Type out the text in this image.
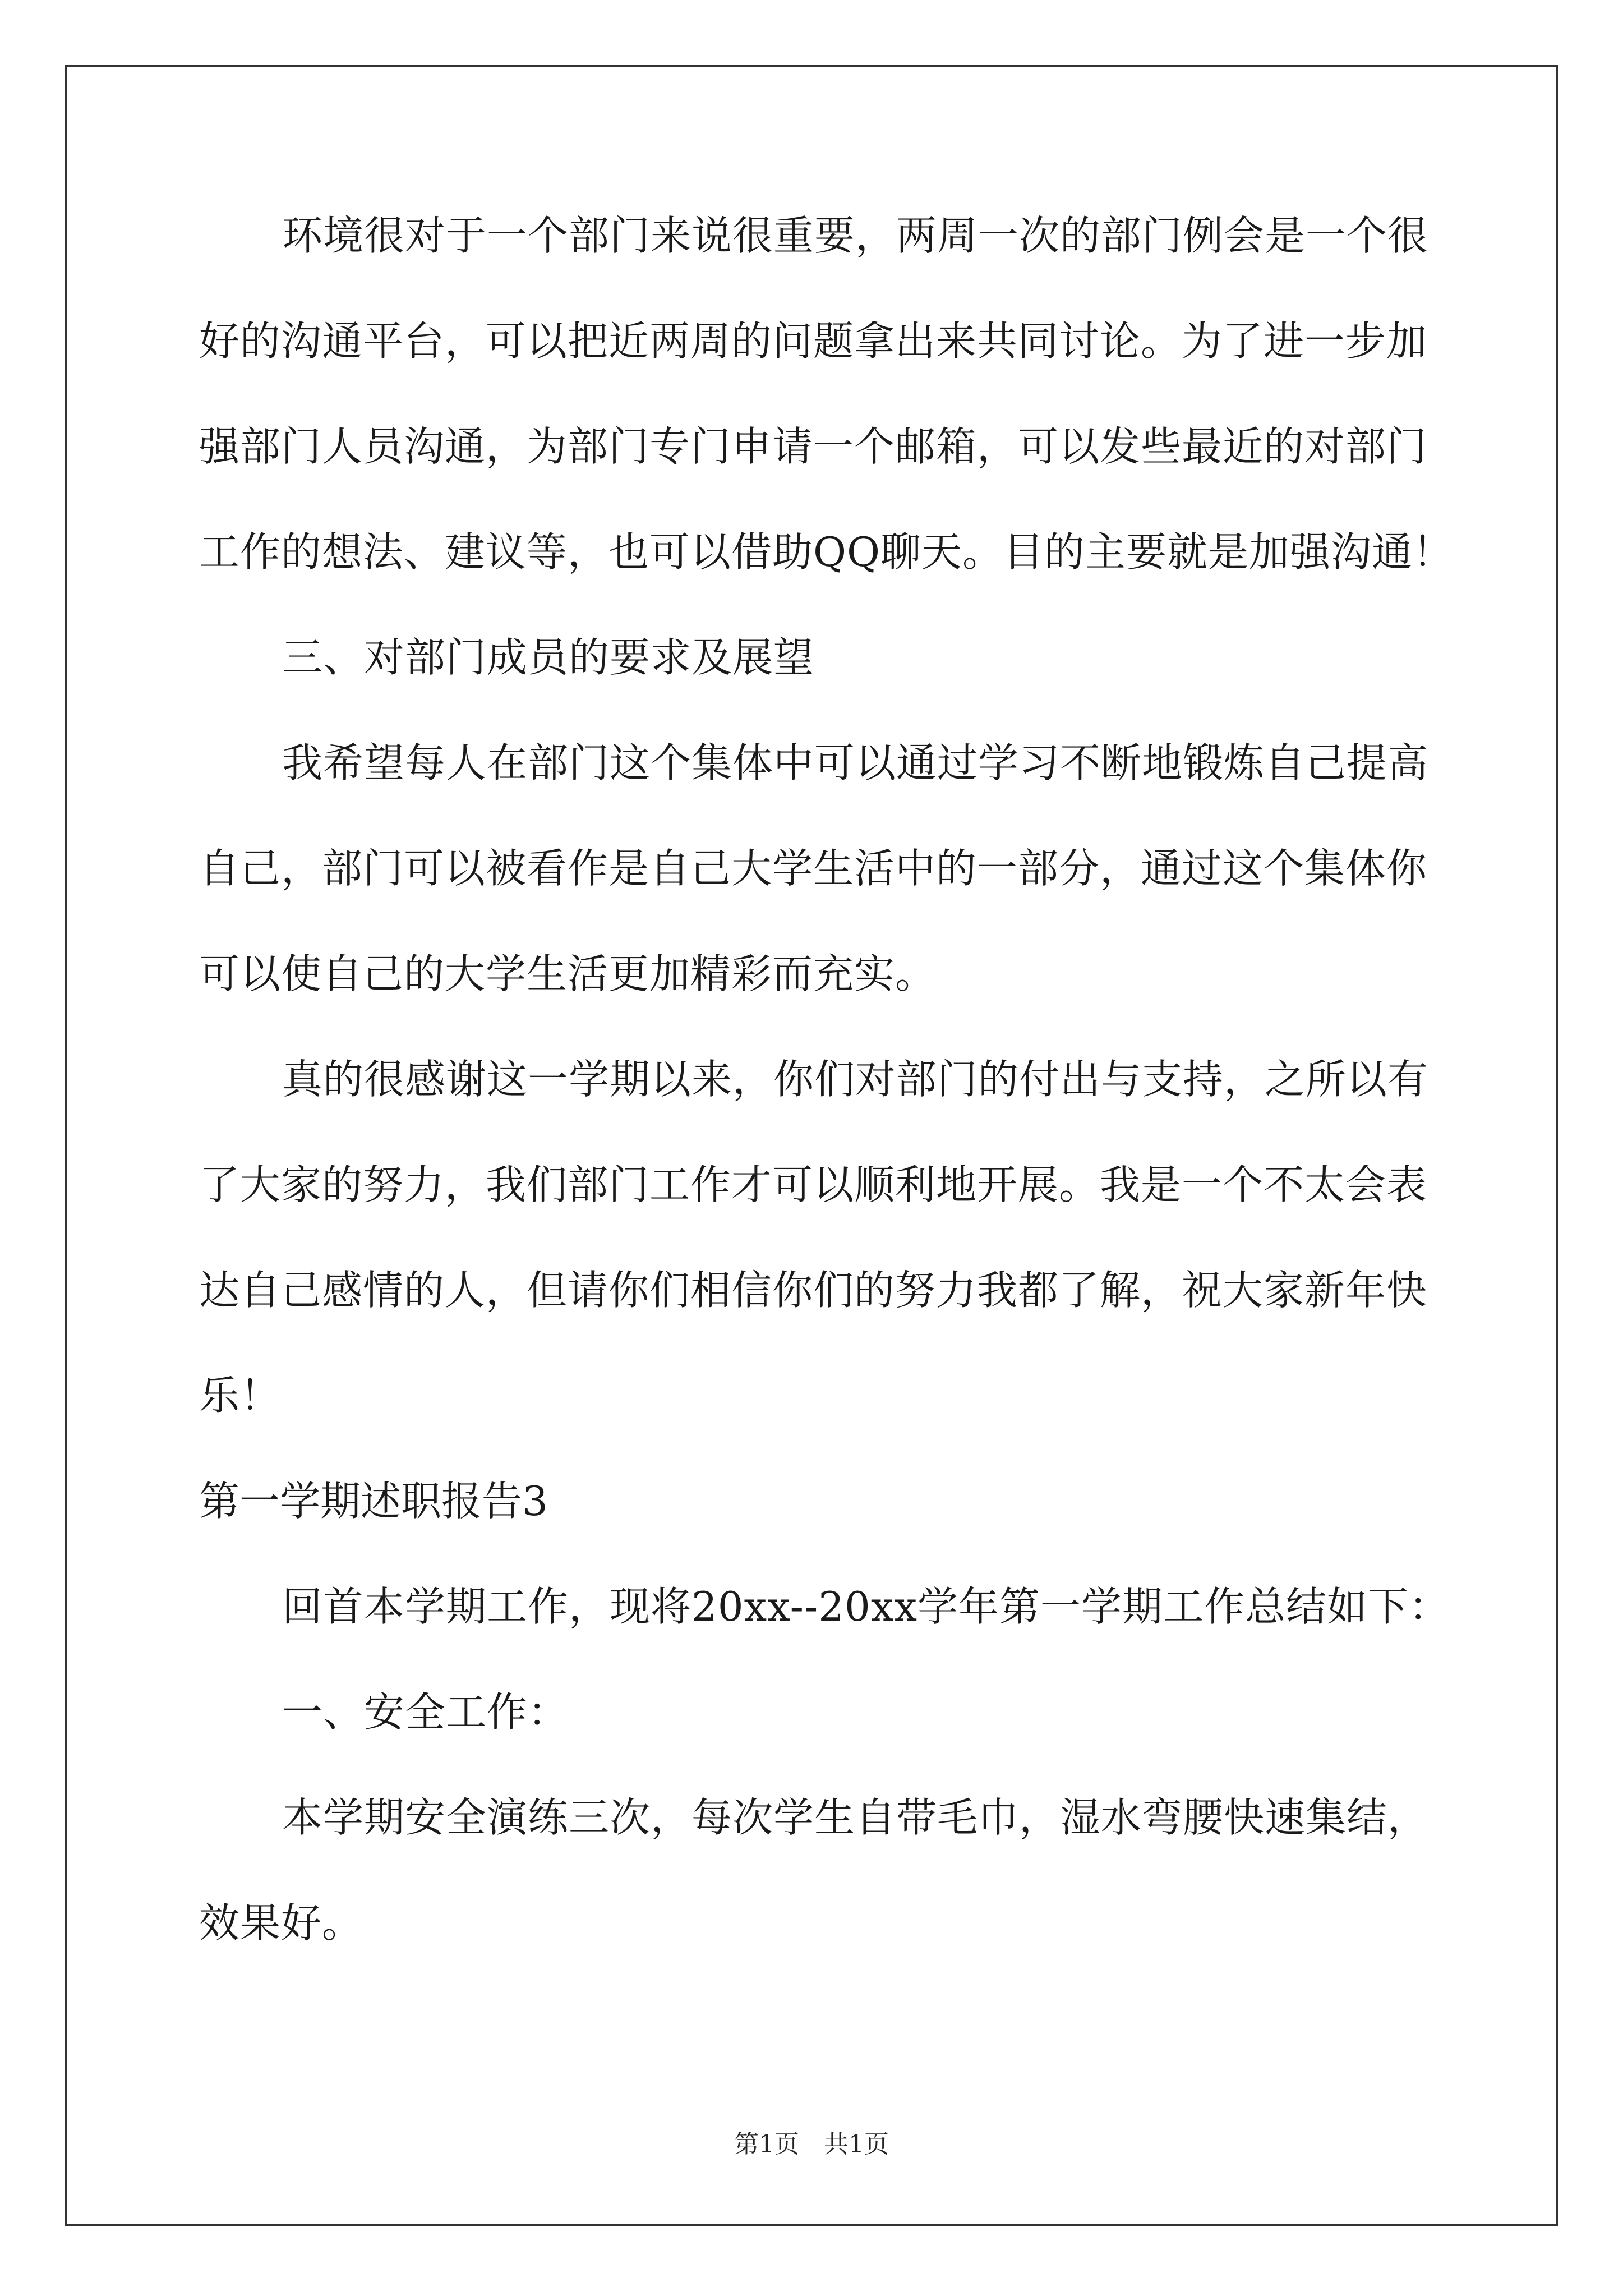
环境很对于一个部门来说很重要，两周一次的部门例会是一个很
好的沟通平台，可以把近两周的问题拿出来共同讨论。为了进一步加
强部门人员沟通，为部门专门申请一个邮箱，可以发些最近的对部门
工作的想法、建议等，也可以借助QQ聊天。目的主要就是加强沟通！
三、对部门成员的要求及展望
我希望每人在部门这个集体中可以通过学习不断地锻炼自己提高
自己，部门可以被看作是自己大学生活中的一部分，通过这个集体你
可以使自己的大学生活更加精彩而充实。
真的很感谢这一学期以来，你们对部门的付出与支持，之所以有
了大家的努力，我们部门工作才可以顺利地开展。我是一个不太会表
达自己感情的人，但请你们相信你们的努力我都了解，祝大家新年快
乐！
第一学期述职报告3
回首本学期工作，现将20xx--20xx学年第一学期工作总结如下：
一、安全工作：
本学期安全演练三次，每次学生自带毛巾，湿水弯腰快速集结，
效果好。
第1页　共1页
